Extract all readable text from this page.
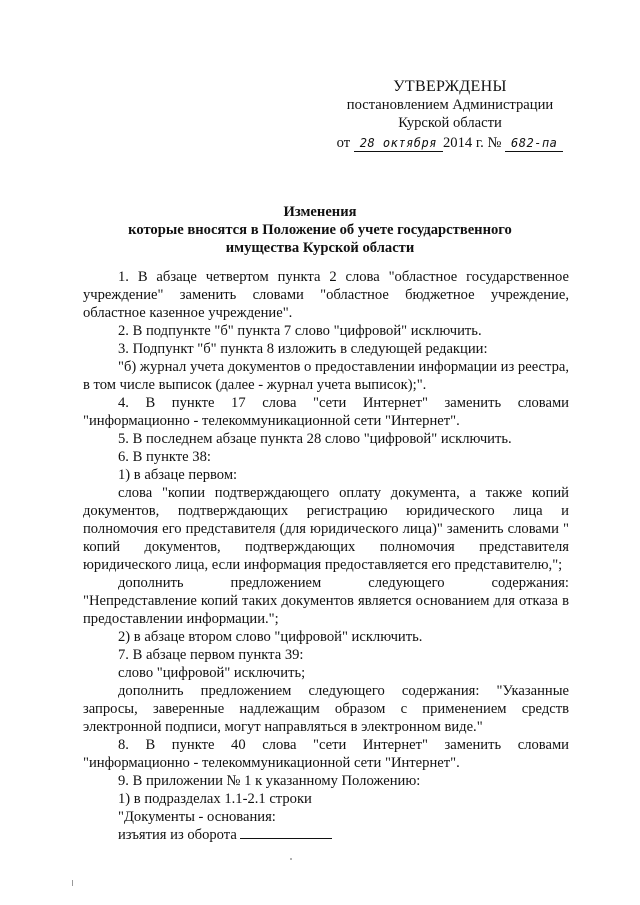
УТВЕРЖДЕНЫ
постановлением Администрации
Курской области
от 28 октября 2014 г. № 682-па
Изменения
которые вносятся в Положение об учете государственного
имущества Курской области

1. В абзаце четвертом пункта 2 слова "областное государственное учреждение" заменить словами "областное бюджетное учреждение, областное казенное учреждение".

2. В подпункте "б" пункта 7 слово "цифровой" исключить.

3. Подпункт "б" пункта 8 изложить в следующей редакции:

"б) журнал учета документов о предоставлении информации из реестра, в том числе выписок (далее - журнал учета выписок);".

4. В пункте 17 слова "сети Интернет" заменить словами "информационно - телекоммуникационной сети "Интернет".

5. В последнем абзаце пункта 28 слово "цифровой" исключить.

6. В пункте 38:

1) в абзаце первом:

слова "копии подтверждающего оплату документа, а также копий документов, подтверждающих регистрацию юридического лица и полномочия его представителя (для юридического лица)" заменить словами " копий документов, подтверждающих полномочия представителя юридического лица, если информация предоставляется его представителю,";

дополнить предложением следующего содержания:

"Непредставление копий таких документов является основанием для отказа в предоставлении информации.";

2) в абзаце втором слово "цифровой" исключить.

7. В абзаце первом пункта 39:

слово "цифровой" исключить;

дополнить предложением следующего содержания: "Указанные запросы, заверенные надлежащим образом с применением средств электронной подписи, могут направляться в электронном виде."

8. В пункте 40 слова "сети Интернет" заменить словами "информационно - телекоммуникационной сети "Интернет".

9. В приложении № 1 к указанному Положению:

1) в подразделах 1.1-2.1 строки

"Документы - основания:

изъятия из оборота
